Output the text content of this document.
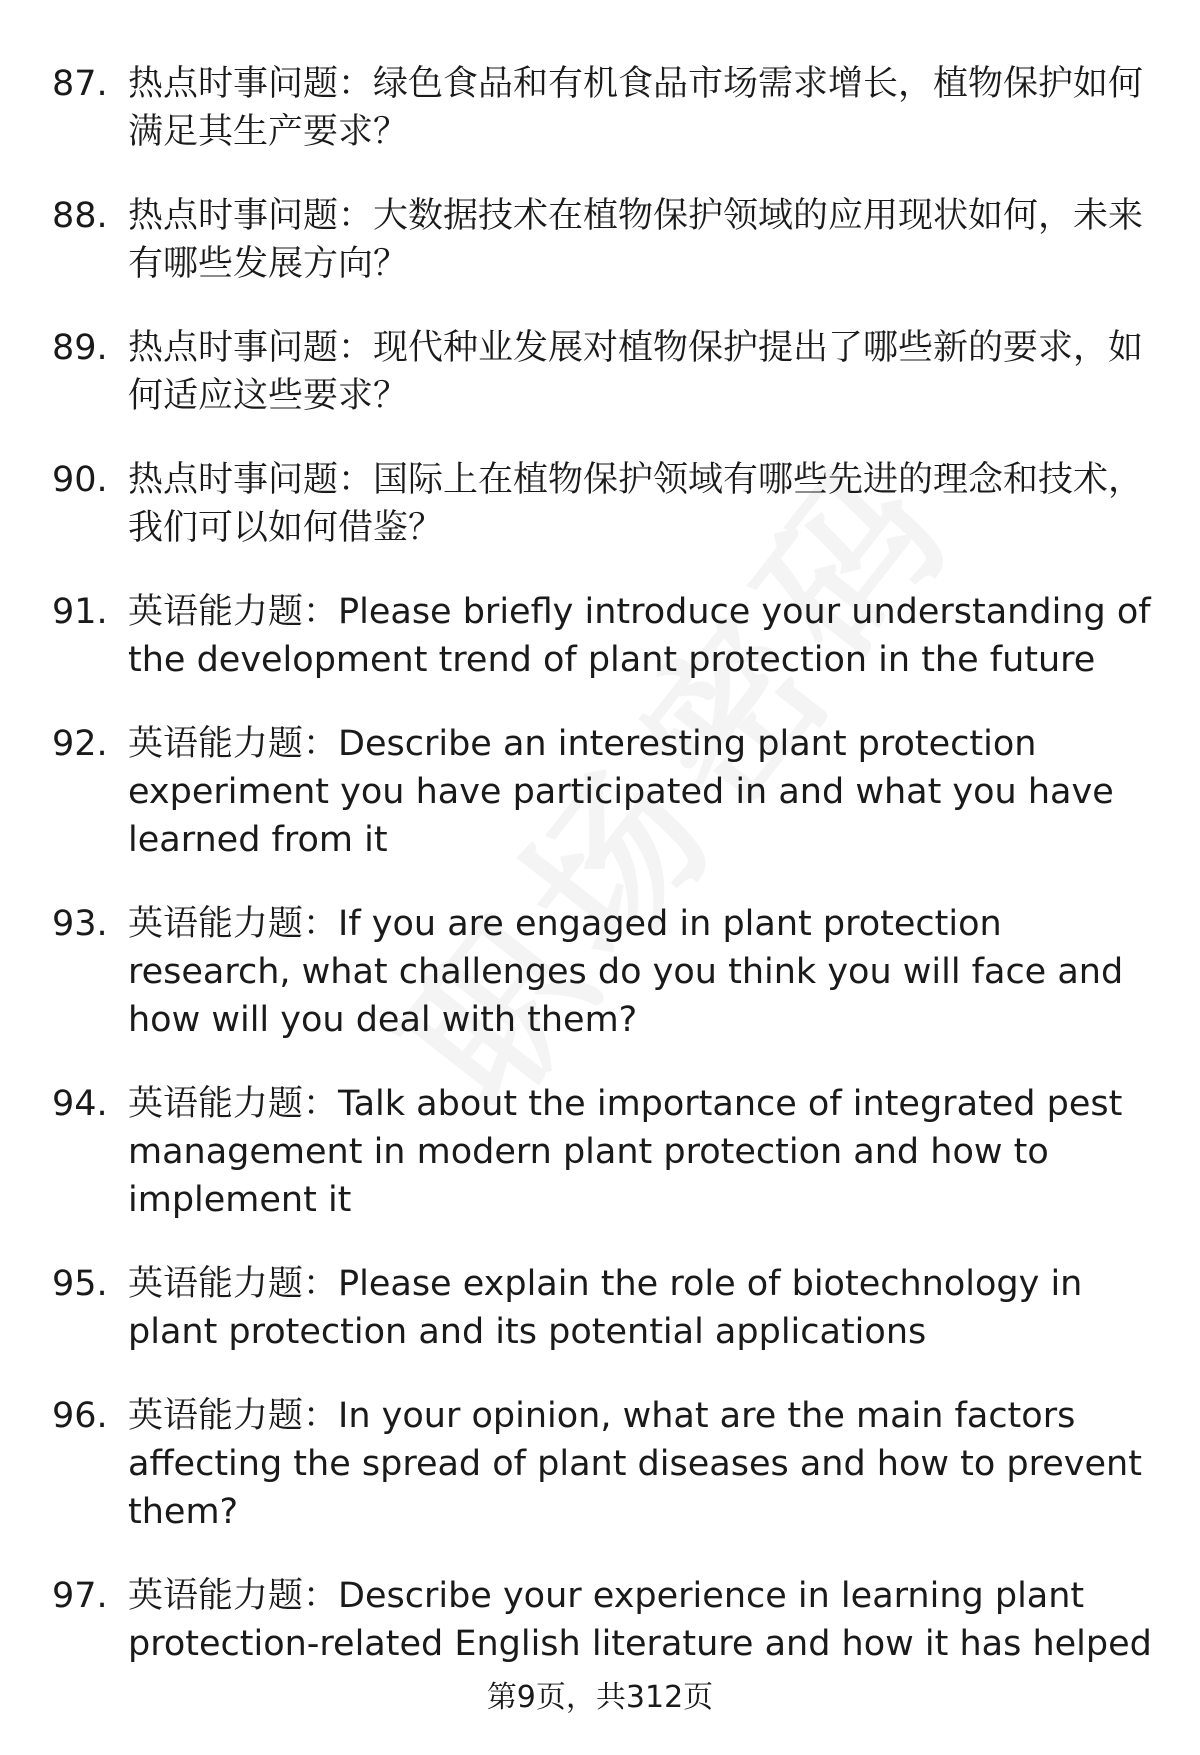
87. 热点时事问题：绿色食品和有机食品市场需求增长，植物保护如何满足其生产要求？
88. 热点时事问题：大数据技术在植物保护领域的应用现状如何，未来有哪些发展方向？
89. 热点时事问题：现代种业发展对植物保护提出了哪些新的要求，如何适应这些要求？
90. 热点时事问题：国际上在植物保护领域有哪些先进的理念和技术，我们可以如何借鉴？
91. 英语能力题：Please briefly introduce your understanding of the development trend of plant protection in the future
92. 英语能力题：Describe an interesting plant protection experiment you have participated in and what you have learned from it
93. 英语能力题：If you are engaged in plant protection research, what challenges do you think you will face and how will you deal with them?
94. 英语能力题：Talk about the importance of integrated pest management in modern plant protection and how to implement it
95. 英语能力题：Please explain the role of biotechnology in plant protection and its potential applications
96. 英语能力题：In your opinion, what are the main factors affecting the spread of plant diseases and how to prevent them?
97. 英语能力题：Describe your experience in learning plant protection-related English literature and how it has helped
第9页，共312页
